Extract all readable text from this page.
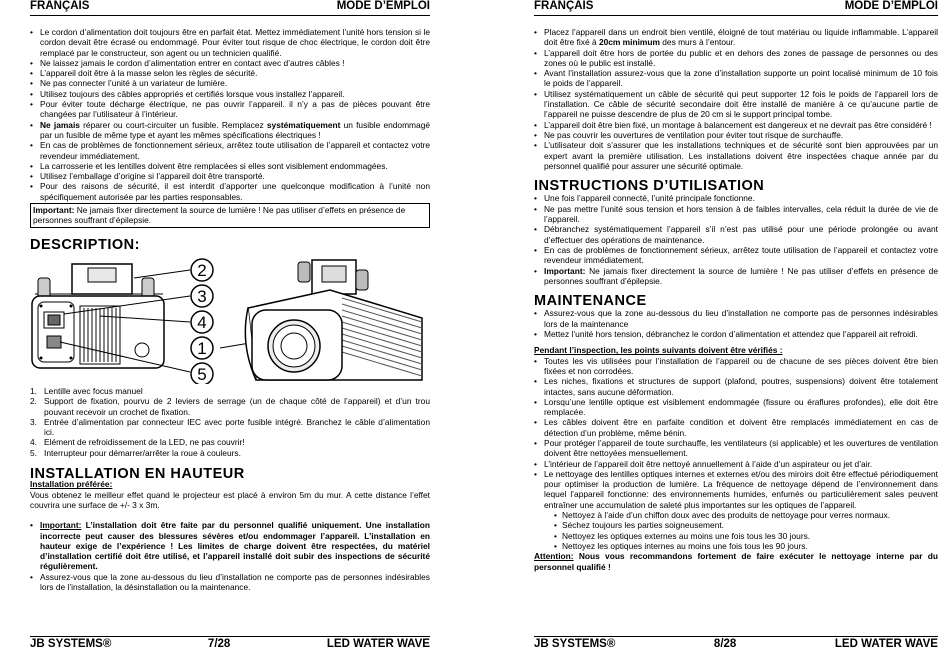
FRANÇAIS	MODE D’EMPLOI
• Le cordon d’alimentation doit toujours être en parfait état. Mettez immédiatement l’unité hors tension si le cordon devait être écrasé ou endommagé. Pour éviter tout risque de choc électrique, le cordon doit être remplacé par le constructeur, son agent ou un technicien qualifié.
• Ne laissez jamais le cordon d’alimentation entrer en contact avec d’autres câbles !
• L’appareil doit être à la masse selon les règles de sécurité.
• Ne pas connecter l’unité à un variateur de lumière.
• Utilisez toujours des câbles appropriés et certifiés lorsque vous installez l’appareil.
• Pour éviter toute décharge électrique, ne pas ouvrir l’appareil. il n’y a pas de pièces pouvant être changées par l’utilisateur à l’intérieur.
• Ne jamais réparer ou court-circuiter un fusible. Remplacez systématiquement un fusible endommagé par un fusible de même type et ayant les mêmes spécifications électriques !
• En cas de problèmes de fonctionnement sérieux, arrêtez toute utilisation de l’appareil et contactez votre revendeur immédiatement.
• La carrosserie et les lentilles doivent être remplacées si elles sont visiblement endommagées.
• Utilisez l’emballage d’origine si l’appareil doit être transporté.
• Pour des raisons de sécurité, il est interdit d’apporter une quelconque modification à l’unité non spécifiquement autorisée par les parties responsables.
Important: Ne jamais fixer directement la source de lumière ! Ne pas utiliser d’effets en présence de personnes souffrant d’épilepsie.
DESCRIPTION:
2
3
4
1
5
1. Lentille avec focus manuel
2. Support de fixation, pourvu de 2 leviers de serrage (un de chaque côté de l’appareil) et d’un trou pouvant recevoir un crochet de fixation.
3. Entrée d’alimentation par connecteur IEC avec porte fusible intégré. Branchez le câble d’alimentation ici.
4. Elément de refroidissement de la LED, ne pas couvrir!
5. Interrupteur pour démarrer/arrêter la roue à couleurs.
INSTALLATION EN HAUTEUR
Installation préférée:
Vous obtenez le meilleur effet quand le projecteur est placé à environ 5m du mur. A cette distance l’effet couvrira une surface de +/- 3 x 3m.
• Important: L’installation doit être faite par du personnel qualifié uniquement. Une installation incorrecte peut causer des blessures sévères et/ou endommager l’appareil. L’installation en hauteur exige de l’expérience ! Les limites de charge doivent être respectées, du matériel d’installation certifié doit être utilisé, et l’appareil installé doit subir des inspections de sécurité régulièrement.
• Assurez-vous que la zone au-dessous du lieu d’installation ne comporte pas de personnes indésirables lors de l’installation, la désinstallation ou la maintenance.
JB SYSTEMS®	7/28	LED WATER WAVE
FRANÇAIS	MODE D’EMPLOI
• Placez l’appareil dans un endroit bien ventilé, éloigné de tout matériau ou liquide inflammable. L’appareil doit être fixé à 20cm minimum des murs à l’entour.
• L’appareil doit être hors de portée du public et en dehors des zones de passage de personnes ou des zones où le public est installé.
• Avant l’installation assurez-vous que la zone d’installation supporte un point localisé minimum de 10 fois le poids de l’appareil.
• Utilisez systématiquement un câble de sécurité qui peut supporter 12 fois le poids de l’appareil lors de l’installation. Ce câble de sécurité secondaire doit être installé de manière à ce qu’aucune partie de l’appareil ne puisse descendre de plus de 20 cm si le support principal tombe.
• L’appareil doit être bien fixé, un montage à balancement est dangereux et ne devrait pas être considéré !
• Ne pas couvrir les ouvertures de ventilation pour éviter tout risque de surchauffe.
• L’utilisateur doit s’assurer que les installations techniques et de sécurité sont bien approuvées par un expert avant la première utilisation. Les installations doivent être inspectées chaque année par du personnel qualifié pour assurer une sécurité optimale.
INSTRUCTIONS D’UTILISATION
• Une fois l’appareil connecté, l’unité principale fonctionne.
• Ne pas mettre l’unité sous tension et hors tension à de faibles intervalles, cela réduit la durée de vie de l’appareil.
• Débranchez systématiquement l’appareil s’il n’est pas utilisé pour une période prolongée ou avant d’effectuer des opérations de maintenance.
• En cas de problèmes de fonctionnement sérieux, arrêtez toute utilisation de l’appareil et contactez votre revendeur immédiatement.
• Important: Ne jamais fixer directement la source de lumière ! Ne pas utiliser d’effets en présence de personnes souffrant d’épilepsie.
MAINTENANCE
• Assurez-vous que la zone au-dessous du lieu d’installation ne comporte pas de personnes indésirables lors de la maintenance
• Mettez l’unité hors tension, débranchez le cordon d’alimentation et attendez que l’appareil ait refroidi.
Pendant l’inspection, les points suivants doivent être vérifiés :
• Toutes les vis utilisées pour l’installation de l’appareil ou de chacune de ses pièces doivent être bien fixées et non corrodées.
• Les niches, fixations et structures de support (plafond, poutres, suspensions) doivent être totalement intactes, sans aucune déformation.
• Lorsqu’une lentille optique est visiblement endommagée (fissure ou éraflures profondes), elle doit être remplacée.
• Les câbles doivent être en parfaite condition et doivent être remplacés immédiatement en cas de détection d’un problème, même bénin.
• Pour protéger l’appareil de toute surchauffe, les ventilateurs (si applicable) et les ouvertures de ventilation doivent être nettoyées mensuellement.
• L’intérieur de l’appareil doit être nettoyé annuellement à l’aide d’un aspirateur ou jet d’air.
• Le nettoyage des lentilles optiques internes et externes et/ou des miroirs doit être effectué périodiquement pour optimiser la production de lumière. La fréquence de nettoyage dépend de l’environnement dans lequel l’appareil fonctionne: des environnements humides, enfumés ou particulièrement sales peuvent entraîner une accumulation de saleté plus importantes sur les optiques de l’appareil.
• Nettoyez à l’aide d’un chiffon doux avec des produits de nettoyage pour verres normaux.
• Séchez toujours les parties soigneusement.
• Nettoyez les optiques externes au moins une fois tous les 30 jours.
• Nettoyez les optiques internes au moins une fois tous les 90 jours.
Attention: Nous vous recommandons fortement de faire exécuter le nettoyage interne par du personnel qualifié !
JB SYSTEMS®	8/28	LED WATER WAVE
